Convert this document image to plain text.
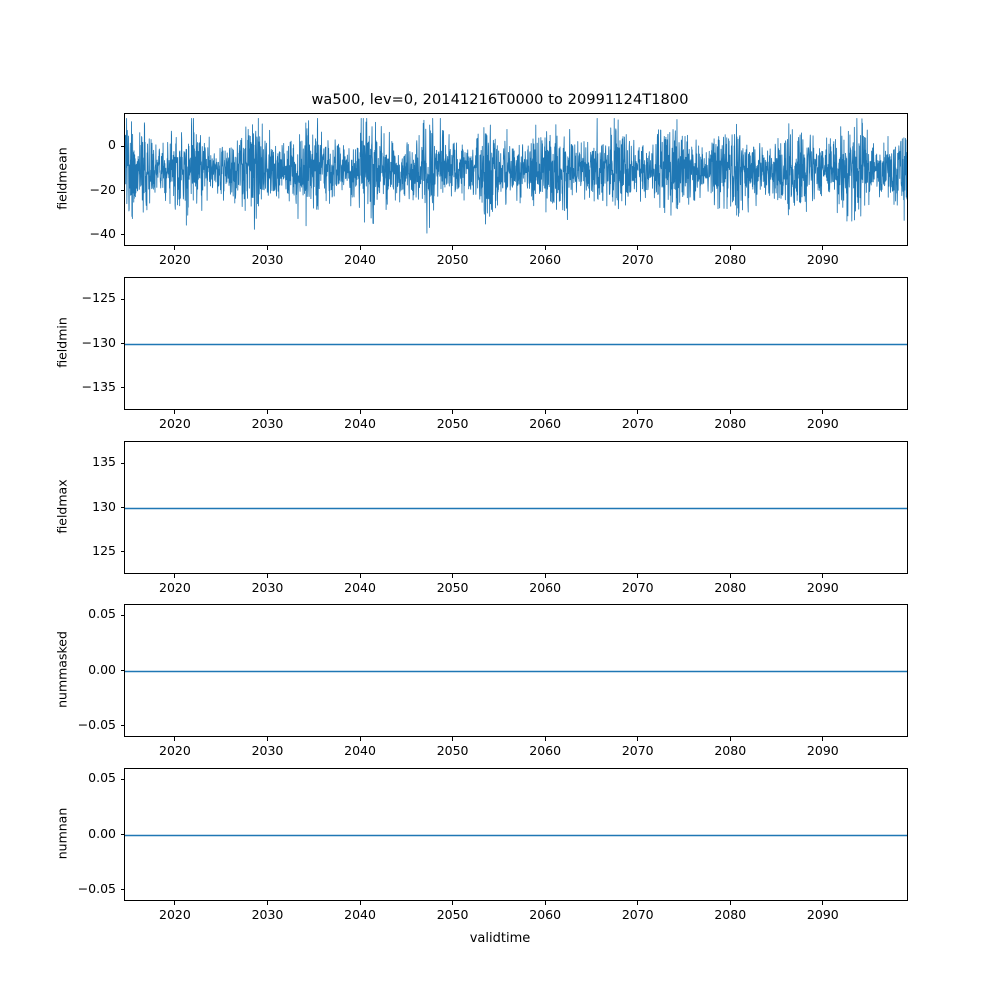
wa500, lev=0, 20141216T0000 to 20991124T1800
fieldmean
−40
−20
0
2020	2030	2040	2050	2060	2070	2080	2090
fieldmin
−135
−130
−125
2020	2030	2040	2050	2060	2070	2080	2090
fieldmax
125
130
135
2020	2030	2040	2050	2060	2070	2080	2090
nummasked
−0.05
0.00
0.05
2020	2030	2040	2050	2060	2070	2080	2090
numnan
−0.05
0.00
0.05
2020	2030	2040	2050	2060	2070	2080	2090
validtime
